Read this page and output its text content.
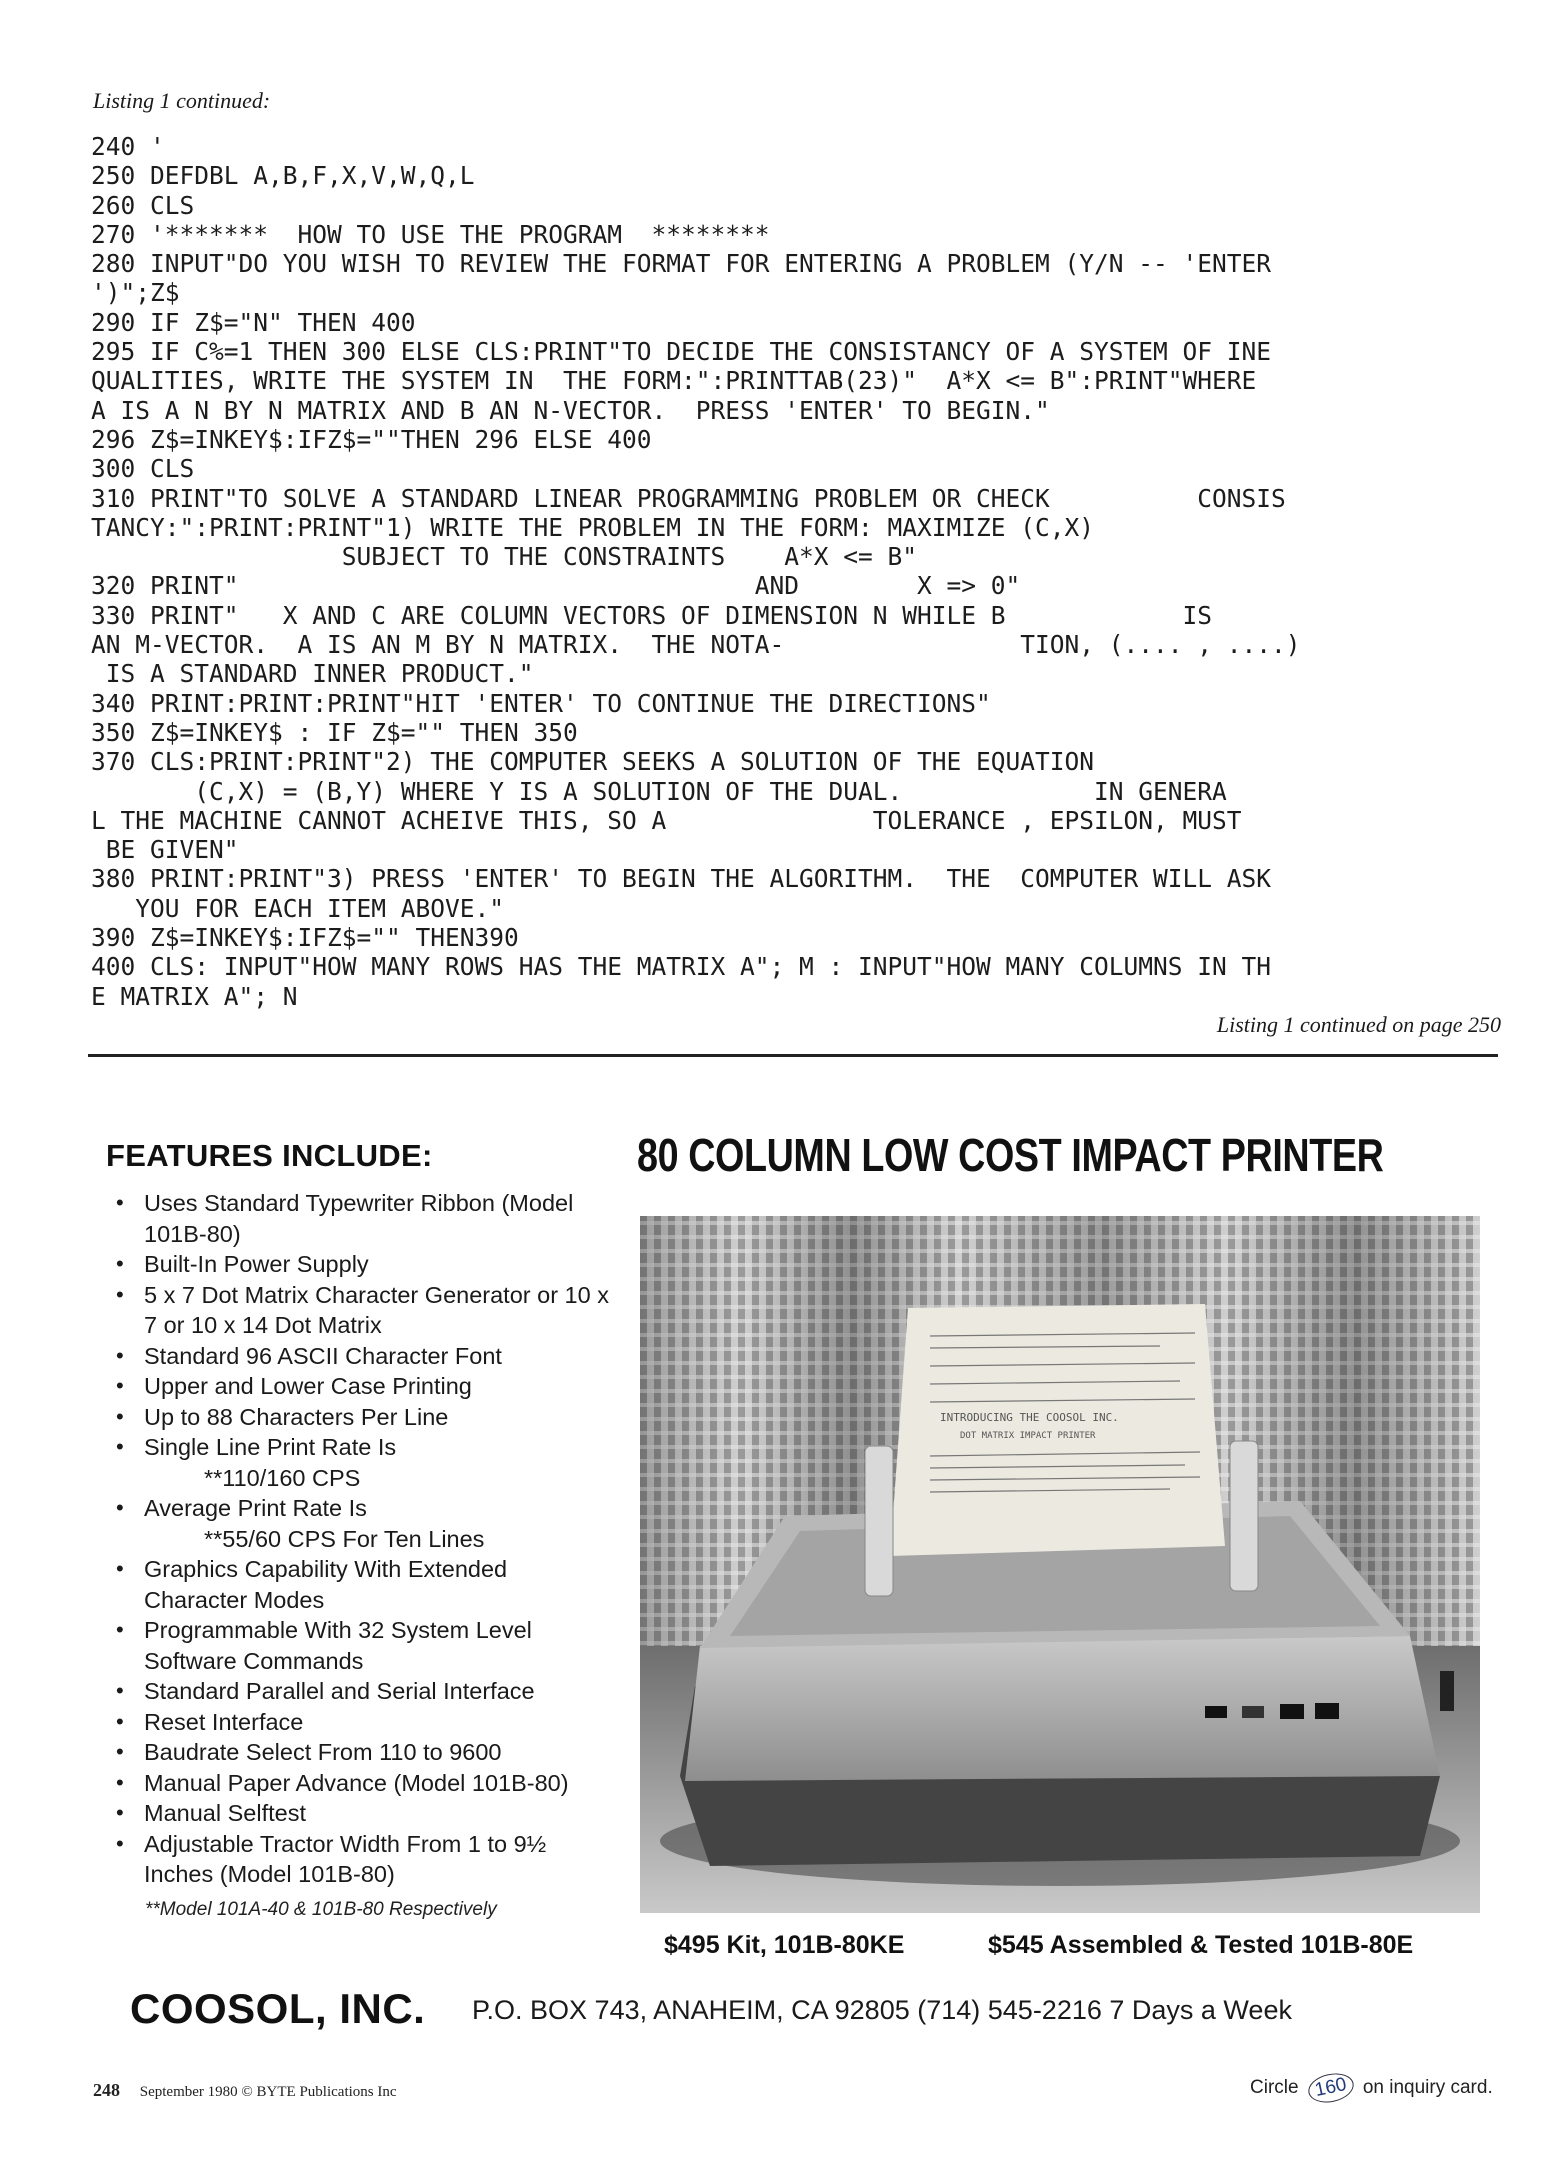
Listing 1 continued:
240 '
250 DEFDBL A,B,F,X,V,W,Q,L
260 CLS
270 '*******  HOW TO USE THE PROGRAM  ********
280 INPUT"DO YOU WISH TO REVIEW THE FORMAT FOR ENTERING A PROBLEM (Y/N -- 'ENTER
')";Z$
290 IF Z$="N" THEN 400
295 IF C%=1 THEN 300 ELSE CLS:PRINT"TO DECIDE THE CONSISTANCY OF A SYSTEM OF INE
QUALITIES, WRITE THE SYSTEM IN  THE FORM:":PRINTTAB(23)"  A*X <= B":PRINT"WHERE
A IS A N BY N MATRIX AND B AN N-VECTOR.  PRESS 'ENTER' TO BEGIN."
296 Z$=INKEY$:IFZ$=""THEN 296 ELSE 400
300 CLS
310 PRINT"TO SOLVE A STANDARD LINEAR PROGRAMMING PROBLEM OR CHECK          CONSIS
TANCY:":PRINT:PRINT"1) WRITE THE PROBLEM IN THE FORM: MAXIMIZE (C,X)
SUBJECT TO THE CONSTRAINTS    A*X <= B"
320 PRINT"                                   AND        X => 0"
330 PRINT"   X AND C ARE COLUMN VECTORS OF DIMENSION N WHILE B            IS
AN M-VECTOR.  A IS AN M BY N MATRIX.  THE NOTA-                TION, (.... , ....)
IS A STANDARD INNER PRODUCT."
340 PRINT:PRINT:PRINT"HIT 'ENTER' TO CONTINUE THE DIRECTIONS"
350 Z$=INKEY$ : IF Z$="" THEN 350
370 CLS:PRINT:PRINT"2) THE COMPUTER SEEKS A SOLUTION OF THE EQUATION
(C,X) = (B,Y) WHERE Y IS A SOLUTION OF THE DUAL.             IN GENERA
L THE MACHINE CANNOT ACHEIVE THIS, SO A              TOLERANCE , EPSILON, MUST
BE GIVEN"
380 PRINT:PRINT"3) PRESS 'ENTER' TO BEGIN THE ALGORITHM.  THE  COMPUTER WILL ASK
YOU FOR EACH ITEM ABOVE."
390 Z$=INKEY$:IFZ$="" THEN390
400 CLS: INPUT"HOW MANY ROWS HAS THE MATRIX A"; M : INPUT"HOW MANY COLUMNS IN TH
E MATRIX A"; N
Listing 1 continued on page 250
FEATURES INCLUDE:
• Uses Standard Typewriter Ribbon (Model 101B-80)
• Built-In Power Supply
• 5 x 7 Dot Matrix Character Generator or 10 x 7 or 10 x 14 Dot Matrix
• Standard 96 ASCII Character Font
• Upper and Lower Case Printing
• Up to 88 Characters Per Line
• Single Line Print Rate Is
**110/160 CPS
• Average Print Rate Is
**55/60 CPS For Ten Lines
• Graphics Capability With Extended Character Modes
• Programmable With 32 System Level Software Commands
• Standard Parallel and Serial Interface
• Reset Interface
• Baudrate Select From 110 to 9600
• Manual Paper Advance (Model 101B-80)
• Manual Selftest
• Adjustable Tractor Width From 1 to 9½ Inches (Model 101B-80)
**Model 101A-40 & 101B-80 Respectively
80 COLUMN LOW COST IMPACT PRINTER
INTRODUCING THE COOSOL INC.
DOT MATRIX IMPACT PRINTER
$495 Kit, 101B-80KE	$545 Assembled & Tested 101B-80E
COOSOL, INC. P.O. BOX 743, ANAHEIM, CA 92805 (714) 545-2216 7 Days a Week
248 September 1980 © BYTE Publications Inc	Circle 160 on inquiry card.
